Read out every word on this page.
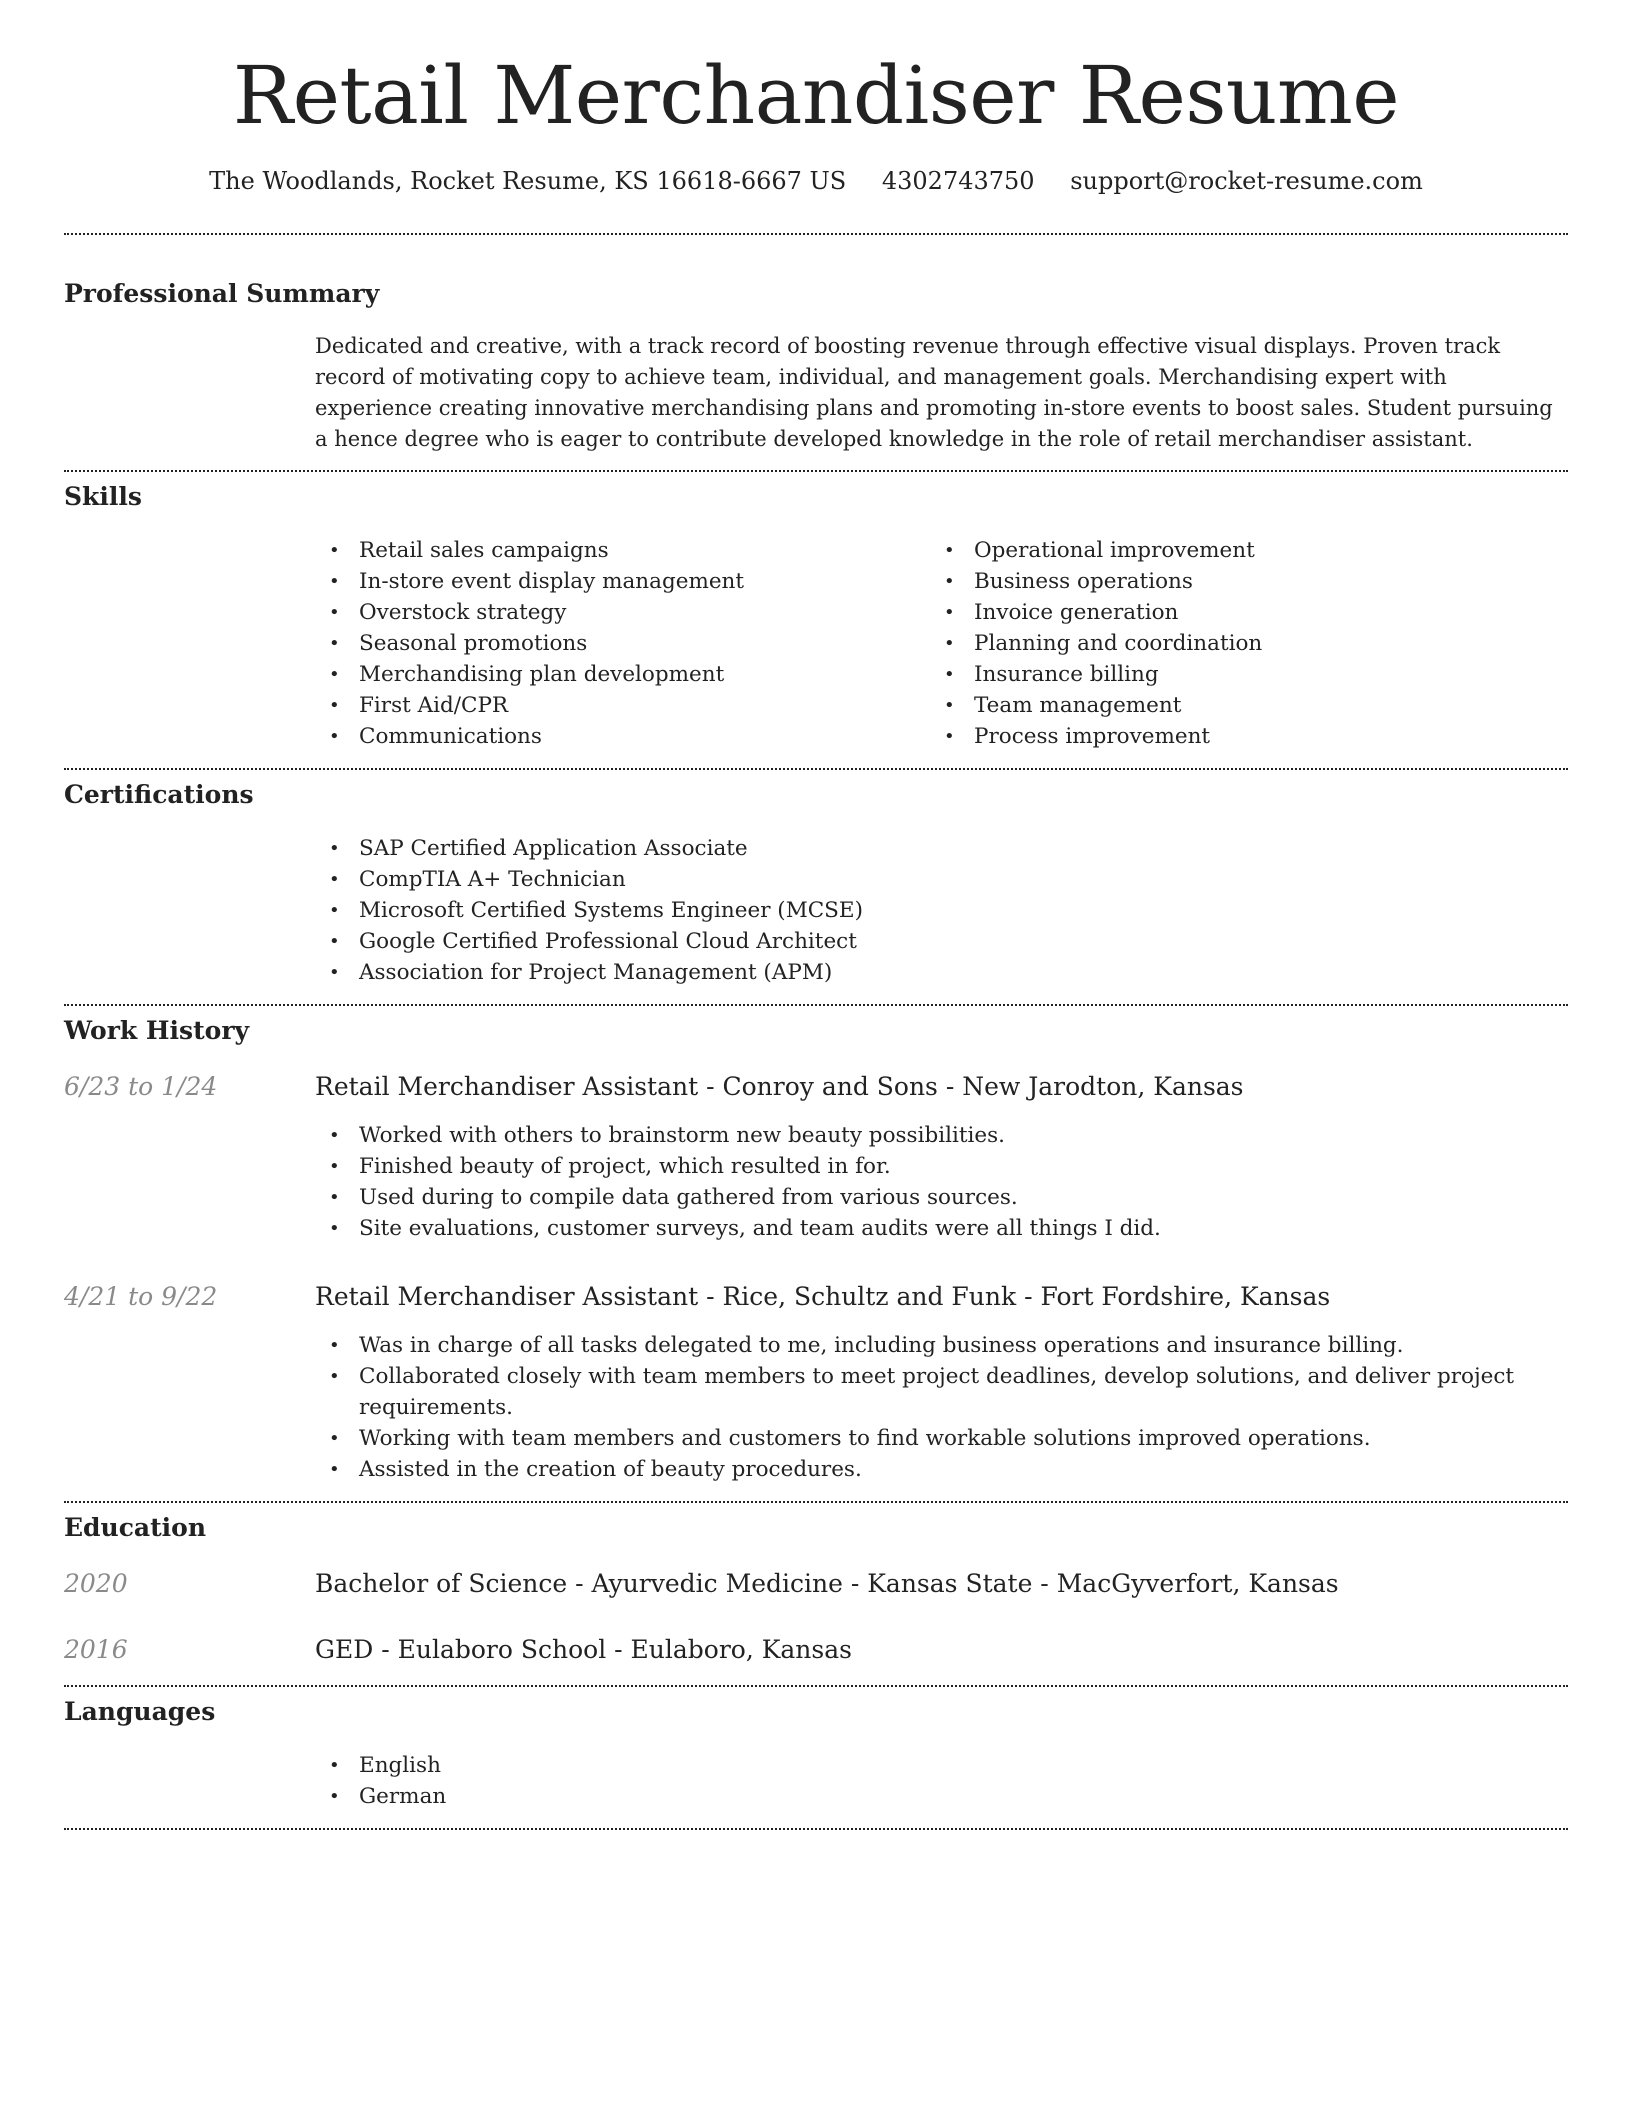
Retail Merchandiser Resume
The Woodlands, Rocket Resume, KS 16618-6667 US 4302743750 support@rocket-resume.com
Professional Summary

Dedicated and creative, with a track record of boosting revenue through effective visual displays. Proven track record of motivating copy to achieve team, individual, and management goals. Merchandising expert with experience creating innovative merchandising plans and promoting in-store events to boost sales. Student pursuing a hence degree who is eager to contribute developed knowledge in the role of retail merchandiser assistant.

Skills
• Retail sales campaigns
• In-store event display management
• Overstock strategy
• Seasonal promotions
• Merchandising plan development
• First Aid/CPR
• Communications
• Operational improvement
• Business operations
• Invoice generation
• Planning and coordination
• Insurance billing
• Team management
• Process improvement
Certifications
• SAP Certified Application Associate
• CompTIA A+ Technician
• Microsoft Certified Systems Engineer (MCSE)
• Google Certified Professional Cloud Architect
• Association for Project Management (APM)
Work History
6/23 to 1/24	Retail Merchandiser Assistant - Conroy and Sons - New Jarodton, Kansas
• Worked with others to brainstorm new beauty possibilities.
• Finished beauty of project, which resulted in for.
• Used during to compile data gathered from various sources.
• Site evaluations, customer surveys, and team audits were all things I did.
4/21 to 9/22	Retail Merchandiser Assistant - Rice, Schultz and Funk - Fort Fordshire, Kansas
• Was in charge of all tasks delegated to me, including business operations and insurance billing.
• Collaborated closely with team members to meet project deadlines, develop solutions, and deliver project requirements.
• Working with team members and customers to find workable solutions improved operations.
• Assisted in the creation of beauty procedures.
Education
2020	Bachelor of Science - Ayurvedic Medicine - Kansas State - MacGyverfort, Kansas
2016	GED - Eulaboro School - Eulaboro, Kansas
Languages
• English
• German
